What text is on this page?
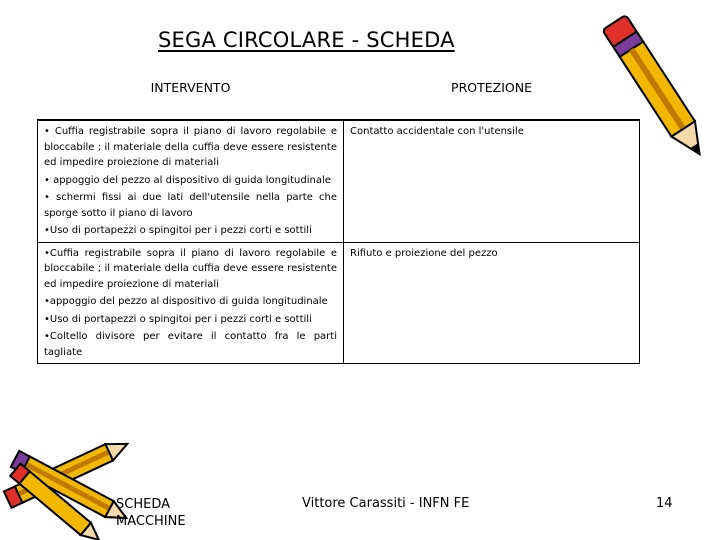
SEGA CIRCOLARE - SCHEDA
INTERVENTO	PROTEZIONE

• Cuffia registrabile sopra il piano di lavoro regolabile e bloccabile ; il materiale della cuffia deve essere resistente ed impedire proiezione di materiali
• appoggio del pezzo al dispositivo di guida longitudinale
• schermi fissi ai due lati dell'utensile nella parte che sporge sotto il piano di lavoro
•Uso di portapezzi o spingitoi per i pezzi corti e sottili	Contatto accidentale con l'utensile

•Cuffia registrabile sopra il piano di lavoro regolabile e bloccabile ; il materiale della cuffia deve essere resistente ed impedire proiezione di materiali
•appoggio del pezzo al dispositivo di guida longitudinale
•Uso di portapezzi o spingitoi per i pezzi corti e sottili
•Coltello divisore per evitare il contatto fra le parti tagliate	Rifiuto e proiezione del pezzo
SCHEDA
MACCHINE
Vittore Carassiti - INFN FE	14
